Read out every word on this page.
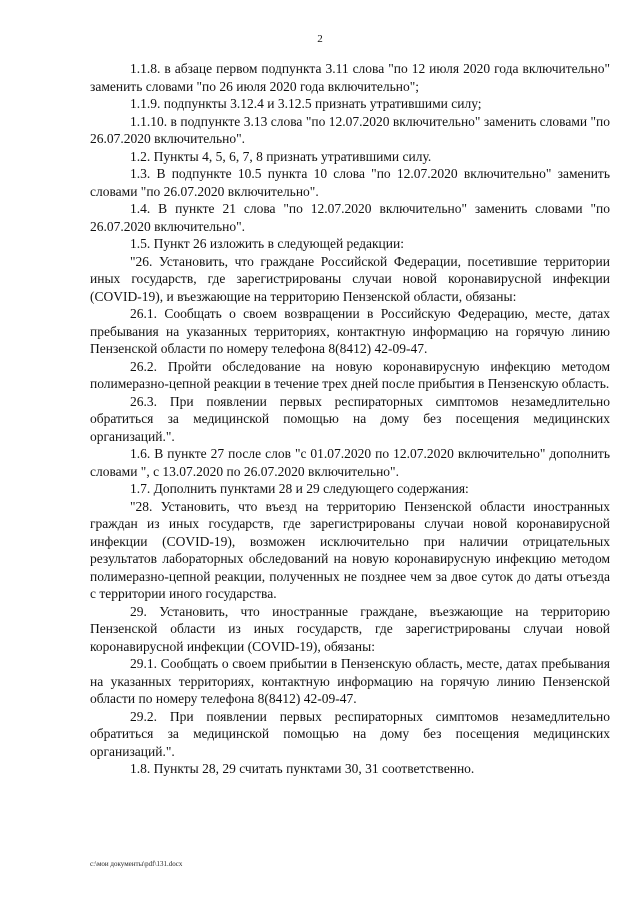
2

1.1.8. в абзаце первом подпункта 3.11 слова "по 12 июля 2020 года включительно" заменить словами "по 26 июля 2020 года включительно";

1.1.9. подпункты 3.12.4 и 3.12.5 признать утратившими силу;

1.1.10. в подпункте 3.13 слова "по 12.07.2020 включительно" заменить словами "по 26.07.2020 включительно".

1.2. Пункты 4, 5, 6, 7, 8 признать утратившими силу.

1.3. В подпункте 10.5 пункта 10 слова "по 12.07.2020 включительно" заменить словами "по 26.07.2020 включительно".

1.4. В пункте 21 слова "по 12.07.2020 включительно" заменить словами "по 26.07.2020 включительно".

1.5. Пункт 26 изложить в следующей редакции:

"26. Установить, что граждане Российской Федерации, посетившие территории иных государств, где зарегистрированы случаи новой коронавирусной инфекции (COVID-19), и въезжающие на территорию Пензенской области, обязаны:

26.1. Сообщать о своем возвращении в Российскую Федерацию, месте, датах пребывания на указанных территориях, контактную информацию на горячую линию Пензенской области по номеру телефона 8(8412) 42-09-47.

26.2. Пройти обследование на новую коронавирусную инфекцию методом полимеразно-цепной реакции в течение трех дней после прибытия в Пензенскую область.

26.3. При появлении первых респираторных симптомов незамедлительно обратиться за медицинской помощью на дому без посещения медицинских организаций.".

1.6. В пункте 27 после слов "с 01.07.2020 по 12.07.2020 включительно" дополнить словами ", с 13.07.2020 по 26.07.2020 включительно".

1.7. Дополнить пунктами 28 и 29 следующего содержания:

"28. Установить, что въезд на территорию Пензенской области иностранных граждан из иных государств, где зарегистрированы случаи новой коронавирусной инфекции (COVID-19), возможен исключительно при наличии отрицательных результатов лабораторных обследований на новую коронавирусную инфекцию методом полимеразно-цепной реакции, полученных не позднее чем за двое суток до даты отъезда с территории иного государства.

29. Установить, что иностранные граждане, въезжающие на территорию Пензенской области из иных государств, где зарегистрированы случаи новой коронавирусной инфекции (COVID-19), обязаны:

29.1. Сообщать о своем прибытии в Пензенскую область, месте, датах пребывания на указанных территориях, контактную информацию на горячую линию Пензенской области по номеру телефона 8(8412) 42-09-47.

29.2. При появлении первых респираторных симптомов незамедлительно обратиться за медицинской помощью на дому без посещения медицинских организаций.".

1.8. Пункты 28, 29 считать пунктами 30, 31 соответственно.

c:\мои документы\pdf\131.docx
